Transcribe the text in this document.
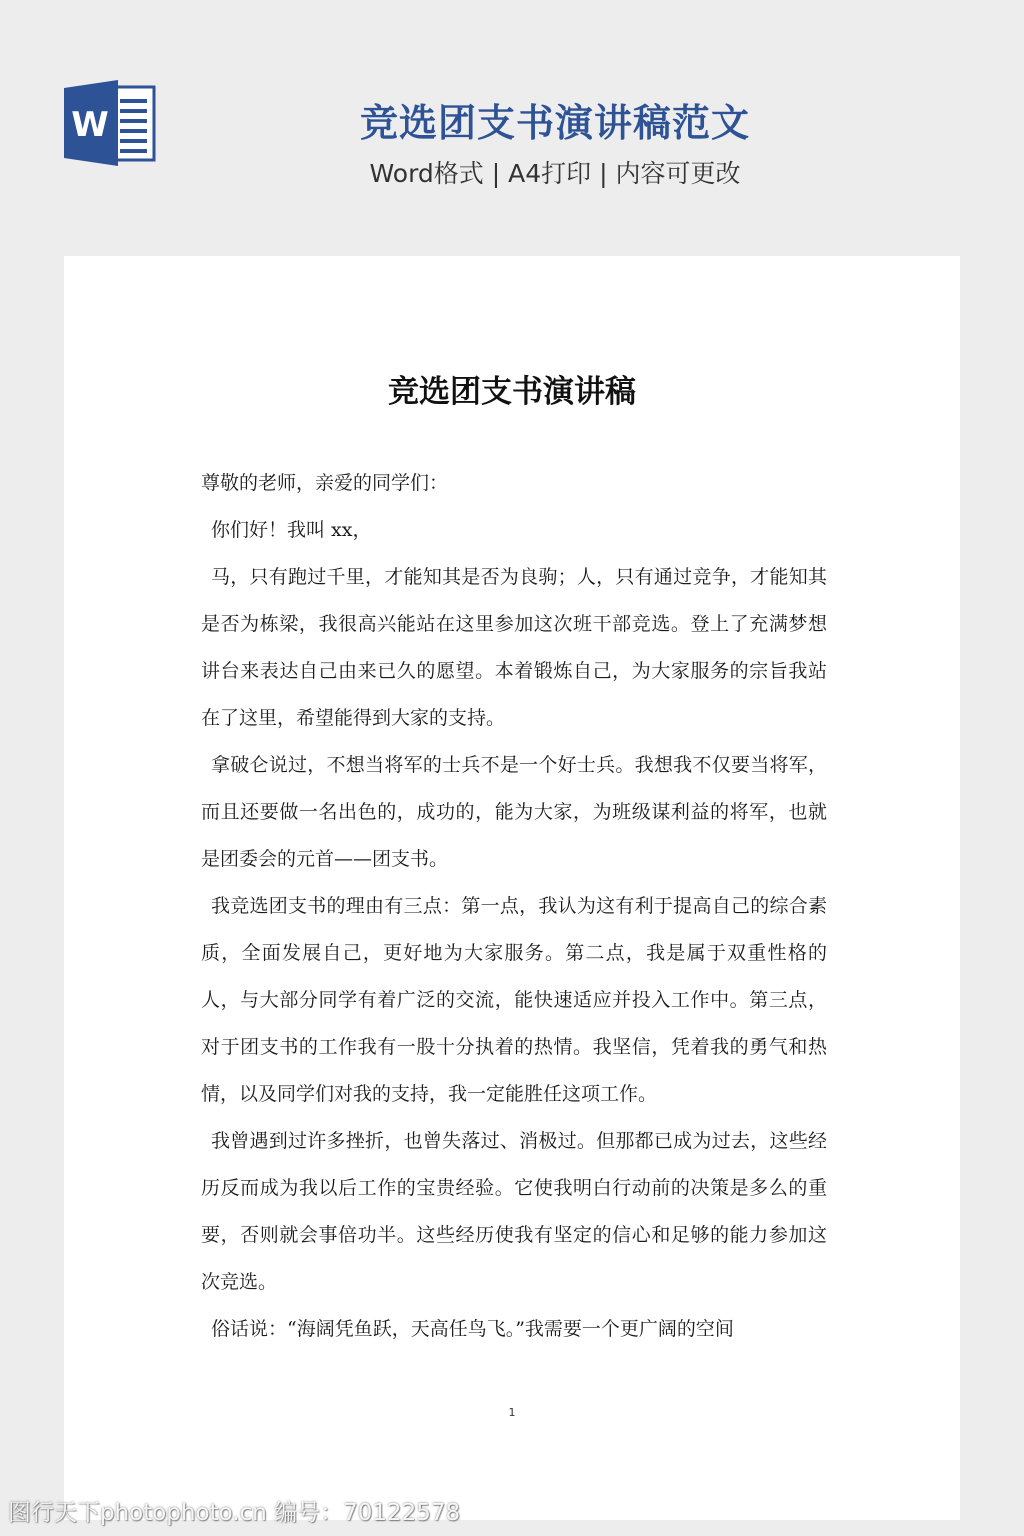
W	竞选团支书演讲稿范文
Word格式 | A4打印 | 内容可更改
竞选团支书演讲稿

尊敬的老师，亲爱的同学们：

你们好！我叫 xx，

马，只有跑过千里，才能知其是否为良驹；人，只有通过竞争，才能知其是否为栋梁，我很高兴能站在这里参加这次班干部竞选。登上了充满梦想讲台来表达自己由来已久的愿望。本着锻炼自己，为大家服务的宗旨我站在了这里，希望能得到大家的支持。

拿破仑说过，不想当将军的士兵不是一个好士兵。我想我不仅要当将军，而且还要做一名出色的，成功的，能为大家，为班级谋利益的将军，也就是团委会的元首——团支书。

我竞选团支书的理由有三点：第一点，我认为这有利于提高自己的综合素质，全面发展自己，更好地为大家服务。第二点，我是属于双重性格的人，与大部分同学有着广泛的交流，能快速适应并投入工作中。第三点，对于团支书的工作我有一股十分执着的热情。我坚信，凭着我的勇气和热情，以及同学们对我的支持，我一定能胜任这项工作。

我曾遇到过许多挫折，也曾失落过、消极过。但那都已成为过去，这些经历反而成为我以后工作的宝贵经验。它使我明白行动前的决策是多么的重要，否则就会事倍功半。这些经历使我有坚定的信心和足够的能力参加这次竞选。

俗话说：“海阔凭鱼跃，天高任鸟飞。”我需要一个更广阔的空间

1
图行天下photophoto.cn 编号：70122578
